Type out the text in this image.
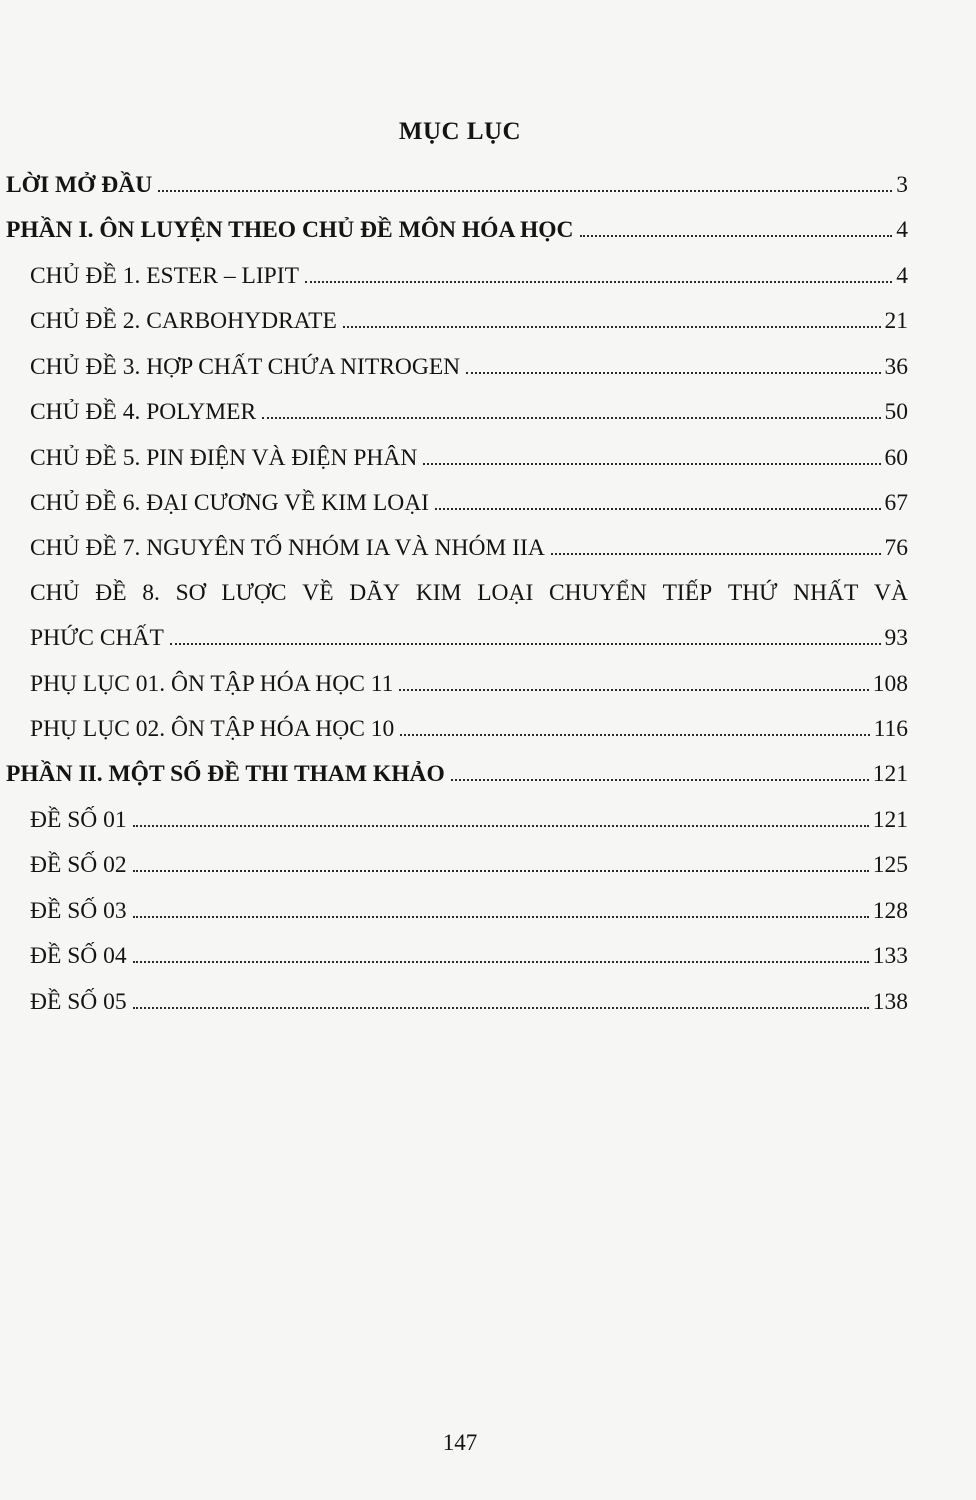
MỤC LỤC
LỜI MỞ ĐẦU	3
PHẦN I. ÔN LUYỆN THEO CHỦ ĐỀ MÔN HÓA HỌC	4
CHỦ ĐỀ 1. ESTER – LIPIT	4
CHỦ ĐỀ 2. CARBOHYDRATE	21
CHỦ ĐỀ 3. HỢP CHẤT CHỨA NITROGEN	36
CHỦ ĐỀ 4. POLYMER	50
CHỦ ĐỀ 5. PIN ĐIỆN VÀ ĐIỆN PHÂN	60
CHỦ ĐỀ 6. ĐẠI CƯƠNG VỀ KIM LOẠI	67
CHỦ ĐỀ 7. NGUYÊN TỐ NHÓM IA VÀ NHÓM IIA	76
CHỦ ĐỀ 8. SƠ LƯỢC VỀ DÃY KIM LOẠI CHUYỂN TIẾP THỨ NHẤT VÀ
PHỨC CHẤT	93
PHỤ LỤC 01. ÔN TẬP HÓA HỌC 11	108
PHỤ LỤC 02. ÔN TẬP HÓA HỌC 10	116
PHẦN II. MỘT SỐ ĐỀ THI THAM KHẢO	121
ĐỀ SỐ 01	121
ĐỀ SỐ 02	125
ĐỀ SỐ 03	128
ĐỀ SỐ 04	133
ĐỀ SỐ 05	138
147
